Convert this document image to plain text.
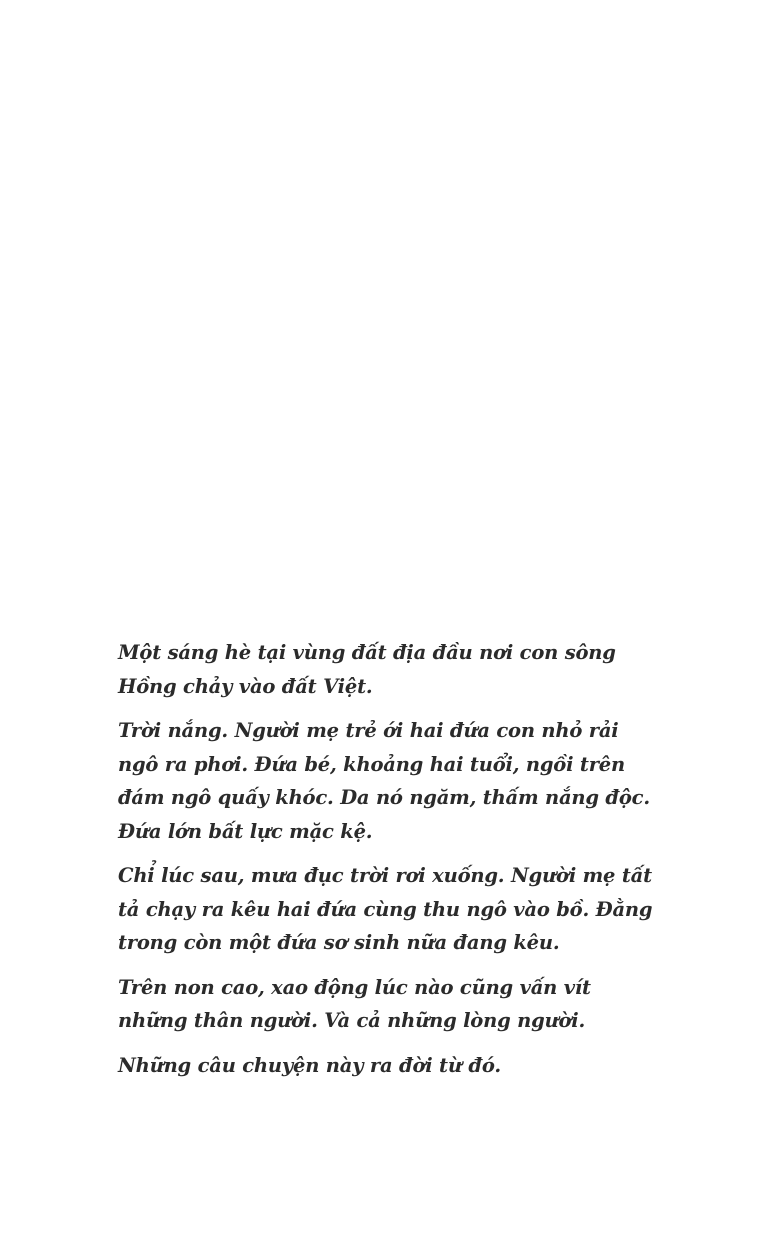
Một sáng hè tại vùng đất địa đầu nơi con sông Hồng chảy vào đất Việt.

Trời nắng. Người mẹ trẻ ới hai đứa con nhỏ rải ngô ra phơi. Đứa bé, khoảng hai tuổi, ngồi trên đám ngô quấy khóc. Da nó ngăm, thấm nắng độc. Đứa lớn bất lực mặc kệ.

Chỉ lúc sau, mưa đục trời rơi xuống. Người mẹ tất tả chạy ra kêu hai đứa cùng thu ngô vào bồ. Đằng trong còn một đứa sơ sinh nữa đang kêu.

Trên non cao, xao động lúc nào cũng vấn vít những thân người. Và cả những lòng người.

Những câu chuyện này ra đời từ đó.
